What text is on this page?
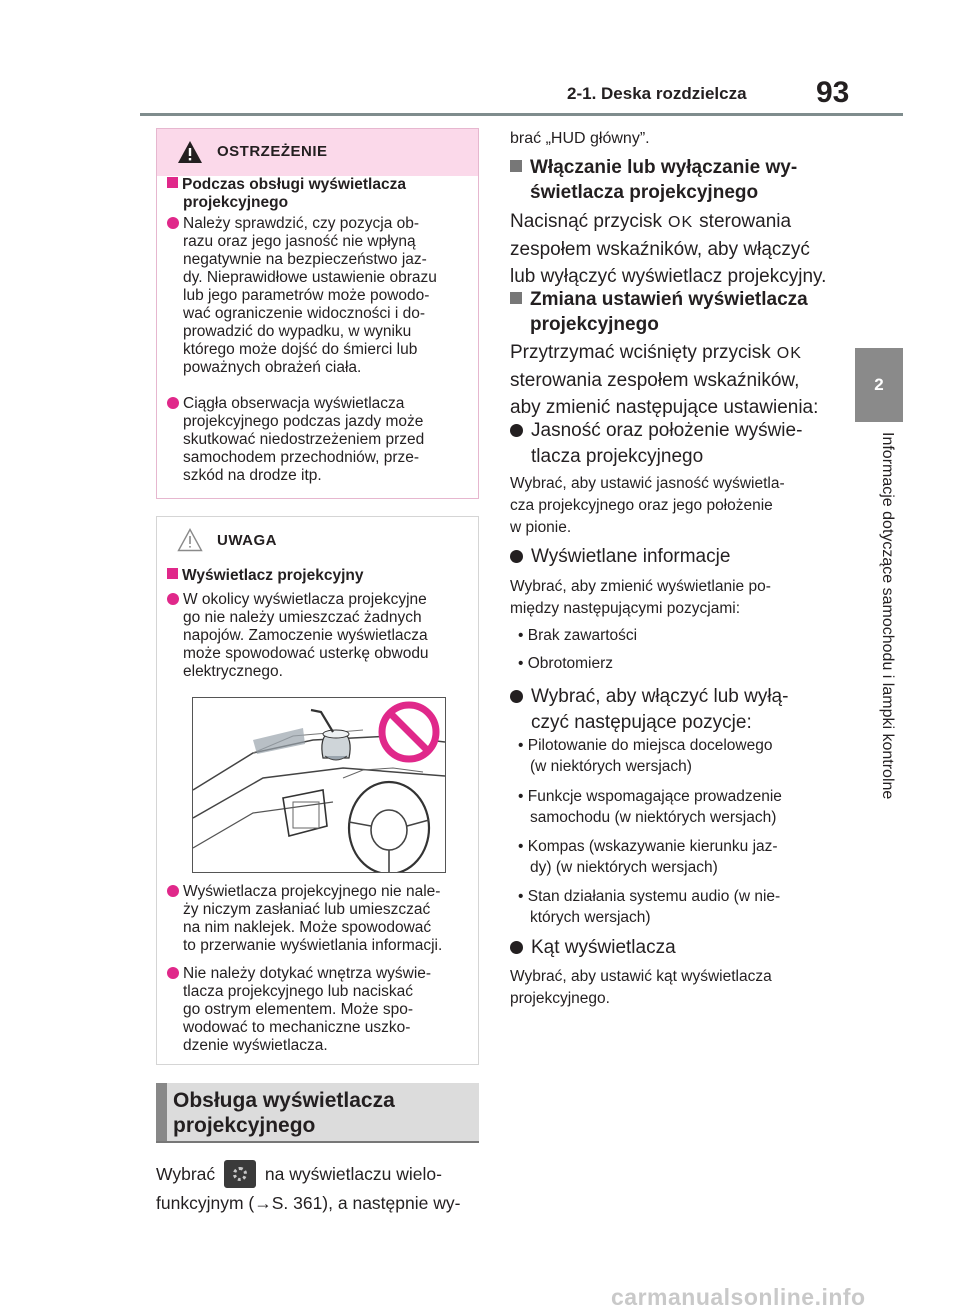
2-1. Deska rozdzielcza 93
2
Informacje dotyczące samochodu i lampki kontrolne
OSTRZEŻENIE
Podczas obsługi wyświetlacza
projekcyjnego
Należy sprawdzić, czy pozycja ob-
razu oraz jego jasność nie wpłyną
negatywnie na bezpieczeństwo jaz-
dy. Nieprawidłowe ustawienie obrazu
lub jego parametrów może powodo-
wać ograniczenie widoczności i do-
prowadzić do wypadku, w wyniku
którego może dojść do śmierci lub
poważnych obrażeń ciała.
Ciągła obserwacja wyświetlacza
projekcyjnego podczas jazdy może
skutkować niedostrzeżeniem przed
samochodem przechodniów, prze-
szkód na drodze itp.
UWAGA
Wyświetlacz projekcyjny
W okolicy wyświetlacza projekcyjne
go nie należy umieszczać żadnych
napojów. Zamoczenie wyświetlacza
może spowodować usterkę obwodu
elektrycznego.
Wyświetlacza projekcyjnego nie nale-
ży niczym zasłaniać lub umieszczać
na nim naklejek. Może spowodować
to przerwanie wyświetlania informacji.
Nie należy dotykać wnętrza wyświe-
tlacza projekcyjnego lub naciskać
go ostrym elementem. Może spo-
wodować to mechaniczne uszko-
dzenie wyświetlacza.
Obsługa wyświetlacza
projekcyjnego
Wybrać	na wyświetlaczu wielo-
funkcyjnym (→S. 361), a następnie wy-
brać „HUD główny”.
Włączanie lub wyłączanie wy-
świetlacza projekcyjnego
Nacisnąć przycisk OK sterowania
zespołem wskaźników, aby włączyć
lub wyłączyć wyświetlacz projekcyjny.
Zmiana ustawień wyświetlacza
projekcyjnego
Przytrzymać wciśnięty przycisk OK
sterowania zespołem wskaźników,
aby zmienić następujące ustawienia:
Jasność oraz położenie wyświe-
tlacza projekcyjnego
Wybrać, aby ustawić jasność wyświetla-
cza projekcyjnego oraz jego położenie
w pionie.
Wyświetlane informacje
Wybrać, aby zmienić wyświetlanie po-
między następującymi pozycjami:
• Brak zawartości
• Obrotomierz
Wybrać, aby włączyć lub wyłą-
czyć następujące pozycje:
• Pilotowanie do miejsca docelowego
(w niektórych wersjach)
• Funkcje wspomagające prowadzenie
samochodu (w niektórych wersjach)
• Kompas (wskazywanie kierunku jaz-
dy) (w niektórych wersjach)
• Stan działania systemu audio (w nie-
których wersjach)
Kąt wyświetlacza
Wybrać, aby ustawić kąt wyświetlacza
projekcyjnego.
carmanualsonline.info
